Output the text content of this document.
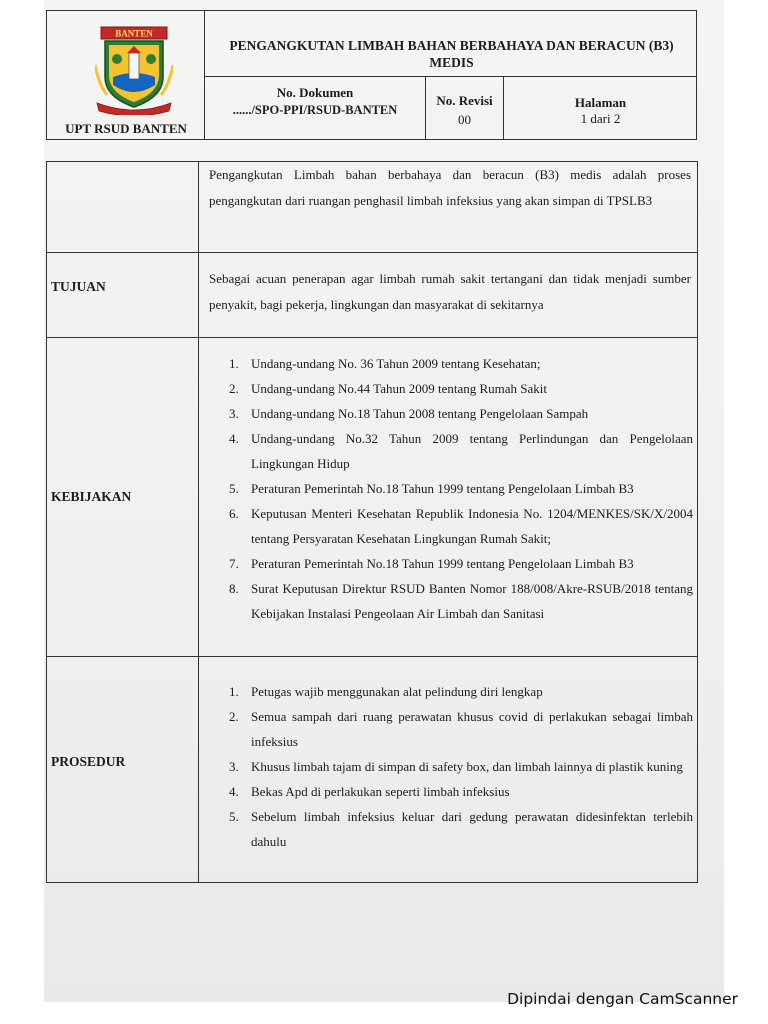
BANTEN
UPT RSUD BANTEN
PENGANGKUTAN LIMBAH BAHAN BERBAHAYA DAN BERACUN (B3)
MEDIS
No. Dokumen
....../SPO-PPI/RSUD-BANTEN
No. Revisi
00
Halaman
1 dari 2
Pengangkutan Limbah bahan berbahaya dan beracun (B3) medis adalah proses pengangkutan dari ruangan penghasil limbah infeksius yang akan simpan di TPSLB3
TUJUAN
Sebagai acuan penerapan agar limbah rumah sakit tertangani dan tidak menjadi sumber penyakit, bagi pekerja, lingkungan dan masyarakat di sekitarnya
KEBIJAKAN
1. Undang-undang No. 36 Tahun 2009 tentang Kesehatan;
2. Undang-undang No.44 Tahun 2009 tentang Rumah Sakit
3. Undang-undang No.18 Tahun 2008 tentang Pengelolaan Sampah
4. Undang-undang No.32 Tahun 2009 tentang Perlindungan dan Pengelolaan Lingkungan Hidup
5. Peraturan Pemerintah No.18 Tahun 1999 tentang Pengelolaan Limbah B3
6. Keputusan Menteri Kesehatan Republik Indonesia No. 1204/MENKES/SK/X/2004 tentang Persyaratan Kesehatan Lingkungan Rumah Sakit;
7. Peraturan Pemerintah No.18 Tahun 1999 tentang Pengelolaan Limbah B3
8. Surat Keputusan Direktur RSUD Banten Nomor 188/008/Akre-RSUB/2018 tentang Kebijakan Instalasi Pengeolaan Air Limbah dan Sanitasi
PROSEDUR
1. Petugas wajib menggunakan alat pelindung diri lengkap
2. Semua sampah dari ruang perawatan khusus covid di perlakukan sebagai limbah infeksius
3. Khusus limbah tajam di simpan di safety box, dan limbah lainnya di plastik kuning
4. Bekas Apd di perlakukan seperti limbah infeksius
5. Sebelum limbah infeksius keluar dari gedung perawatan didesinfektan terlebih dahulu
Dipindai dengan CamScanner
